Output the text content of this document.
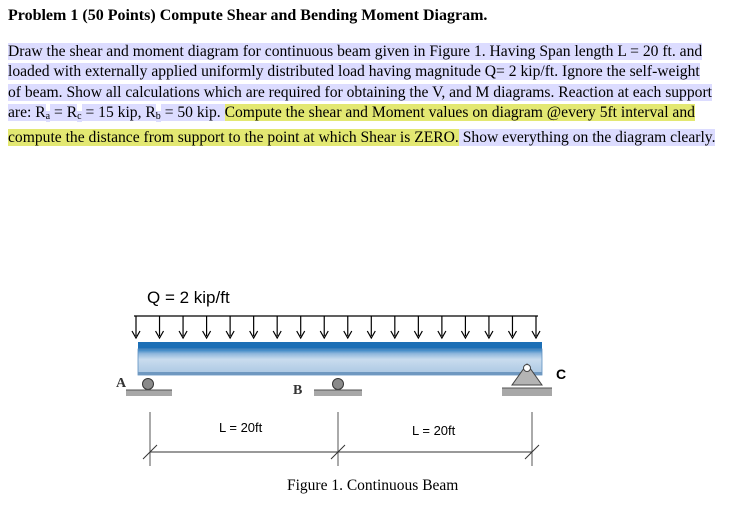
Problem 1 (50 Points) Compute Shear and Bending Moment Diagram.
Draw the shear and moment diagram for continuous beam given in Figure 1. Having Span length L = 20 ft. and loaded with externally applied uniformly distributed load having magnitude Q= 2 kip/ft. Ignore the self-weight of beam. Show all calculations which are required for obtaining the V, and M diagrams. Reaction at each support are: $R_a = R_c = 15$ kip, $R_b = 50$ kip. Compute the shear and Moment values on diagram @every 5ft interval and compute the distance from support to the point at which Shear is ZERO. Show everything on the diagram clearly.
Q = 2 kip/ft
A	B
C
L = 20ft	L = 20ft
Figure 1. Continuous Beam
